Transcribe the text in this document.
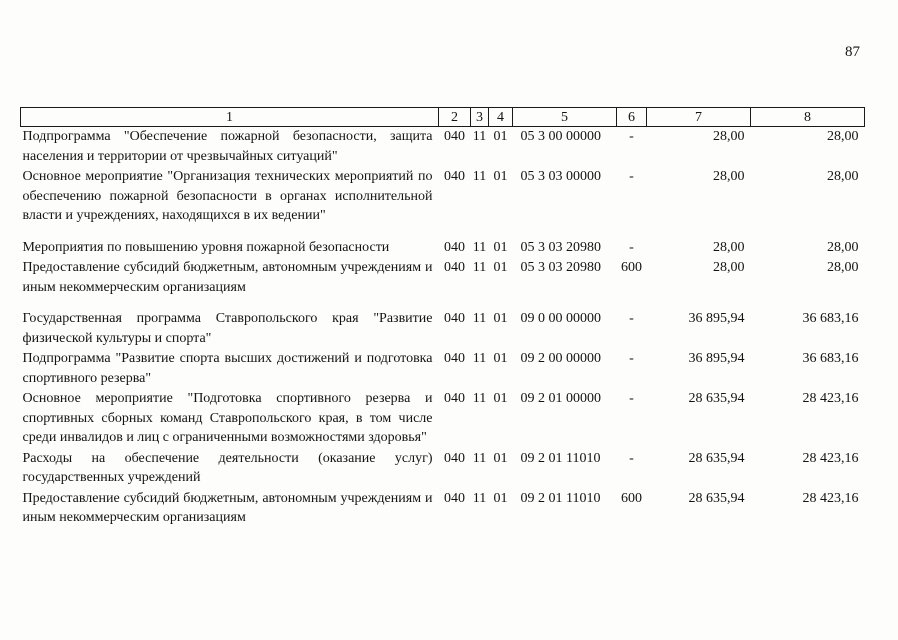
87
1	2	3	4	5	6	7	8
Подпрограмма "Обеспечение пожарной безопасности, защита населения и территории от чрезвычайных ситуаций"	040	11	01	05 3 00 00000	-	28,00	28,00
Основное мероприятие "Организация технических мероприятий по обеспечению пожарной безопасности в органах исполнительной власти и учреждениях, находящихся в их ведении"	040	11	01	05 3 03 00000	-	28,00	28,00
Мероприятия по повышению уровня пожарной безопасности	040	11	01	05 3 03 20980	-	28,00	28,00
Предоставление субсидий бюджетным, автономным учреждениям и иным некоммерческим организациям	040	11	01	05 3 03 20980	600	28,00	28,00
Государственная программа Ставропольского края "Развитие физической культуры и спорта"	040	11	01	09 0 00 00000	-	36 895,94	36 683,16
Подпрограмма "Развитие спорта высших достижений и подготовка спортивного резерва"	040	11	01	09 2 00 00000	-	36 895,94	36 683,16
Основное мероприятие "Подготовка спортивного резерва и спортивных сборных команд Ставропольского края, в том числе среди инвалидов и лиц с ограниченными возможностями здоровья"	040	11	01	09 2 01 00000	-	28 635,94	28 423,16
Расходы на обеспечение деятельности (оказание услуг) государственных учреждений	040	11	01	09 2 01 11010	-	28 635,94	28 423,16
Предоставление субсидий бюджетным, автономным учреждениям и иным некоммерческим организациям	040	11	01	09 2 01 11010	600	28 635,94	28 423,16
